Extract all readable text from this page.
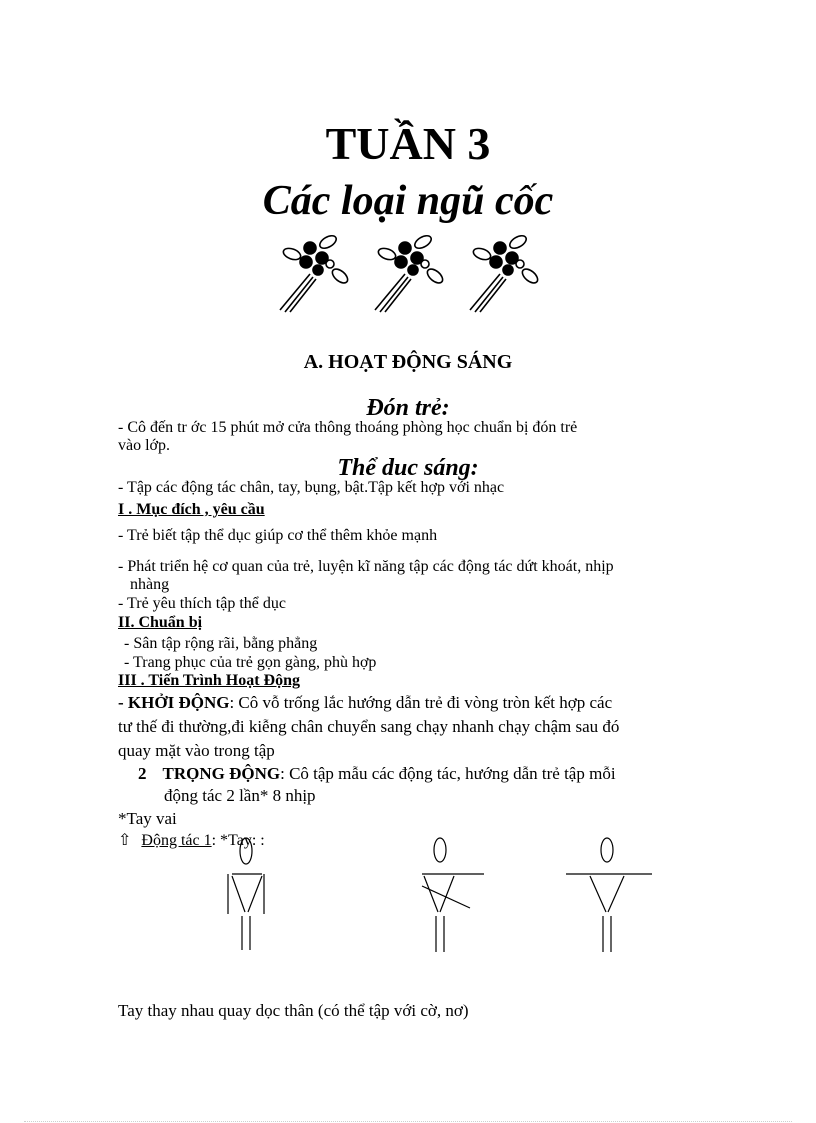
TUẦN 3
Các loại ngũ cốc
A. HOẠT ĐỘNG SÁNG
Đón trẻ:
- Cô đến tr ớc 15 phút mở cửa thông thoáng phòng học chuẩn bị đón trẻ
vào lớp.
Thể duc sáng:
- Tập các động tác chân, tay, bụng, bật.Tập kết hợp với nhạc
I . Mục đích , yêu cầu
- Trẻ biết tập thể dục giúp cơ thể thêm khỏe mạnh
- Phát triển hệ cơ quan của trẻ, luyện kĩ năng tập các động tác dứt khoát, nhịp
nhàng
- Trẻ yêu thích tập thể dục
II. Chuẩn bị
- Sân tập rộng rãi, bằng phẳng
- Trang phục của trẻ gọn gàng, phù hợp
III . Tiến Trình Hoạt Động
- KHỞI ĐỘNG: Cô vỗ trống lắc hướng dẫn trẻ đi vòng tròn kết hợp các
tư thế đi thường,đi kiễng chân chuyển sang chạy nhanh chạy chậm sau đó
quay mặt vào trong tập
2 TRỌNG ĐỘNG: Cô tập mẫu các động tác, hướng dẫn trẻ tập mỗi
động tác 2 lần* 8 nhịp
*Tay vai
⇧ Động tác 1: *Tay: :
Tay thay nhau quay dọc thân (có thể tập với cờ, nơ)
